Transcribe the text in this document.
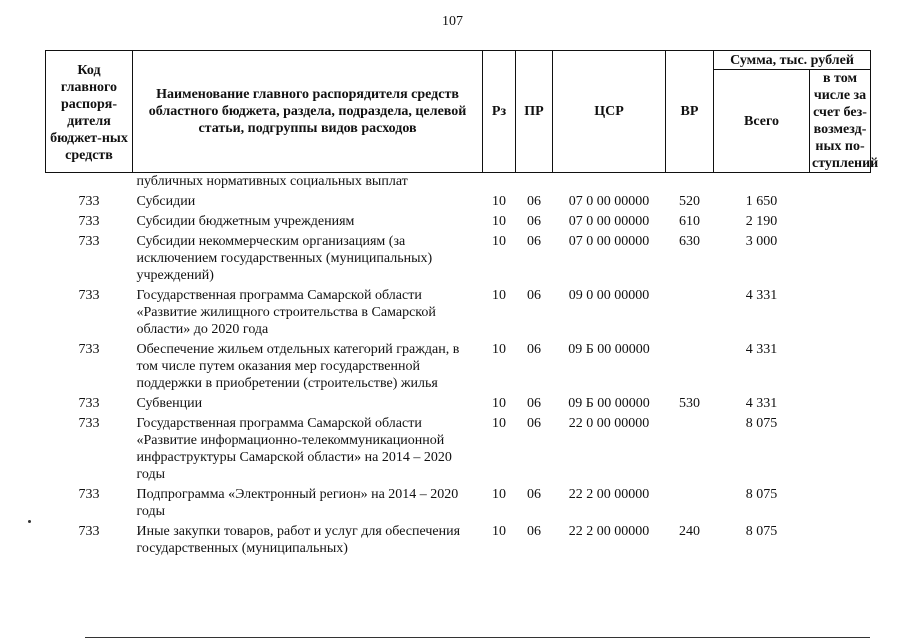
107
Код главного распоря-дителя бюджет-ных средств	Наименование главного распорядителя средств областного бюджета, раздела, подраздела, целевой статьи, подгруппы видов расходов	Рз	ПР	ЦСР	ВР	Сумма, тыс. рублей	
						Всего	в том числе за счет без-возмезд-ных по-ступлений
	публичных нормативных социальных выплат						
733	Субсидии	10	06	07 0 00 00000	520	1 650	
733	Субсидии бюджетным учреждениям	10	06	07 0 00 00000	610	2 190	
733	Субсидии некоммерческим организациям (за исключением государственных (муниципальных) учреждений)	10	06	07 0 00 00000	630	3 000	
733	Государственная программа Самарской области «Развитие жилищного строительства в Самарской области» до 2020 года	10	06	09 0 00 00000		4 331	
733	Обеспечение жильем отдельных категорий граждан, в том числе путем оказания мер государственной поддержки в приобретении (строительстве) жилья	10	06	09 Б 00 00000		4 331	
733	Субвенции	10	06	09 Б 00 00000	530	4 331	
733	Государственная программа Самарской области «Развитие информационно-телекоммуникационной инфраструктуры Самарской области» на 2014 – 2020 годы	10	06	22 0 00 00000		8 075	
733	Подпрограмма «Электронный регион» на 2014 – 2020 годы	10	06	22 2 00 00000		8 075	
733	Иные закупки товаров, работ и услуг для обеспечения государственных (муниципальных)	10	06	22 2 00 00000	240	8 075	
